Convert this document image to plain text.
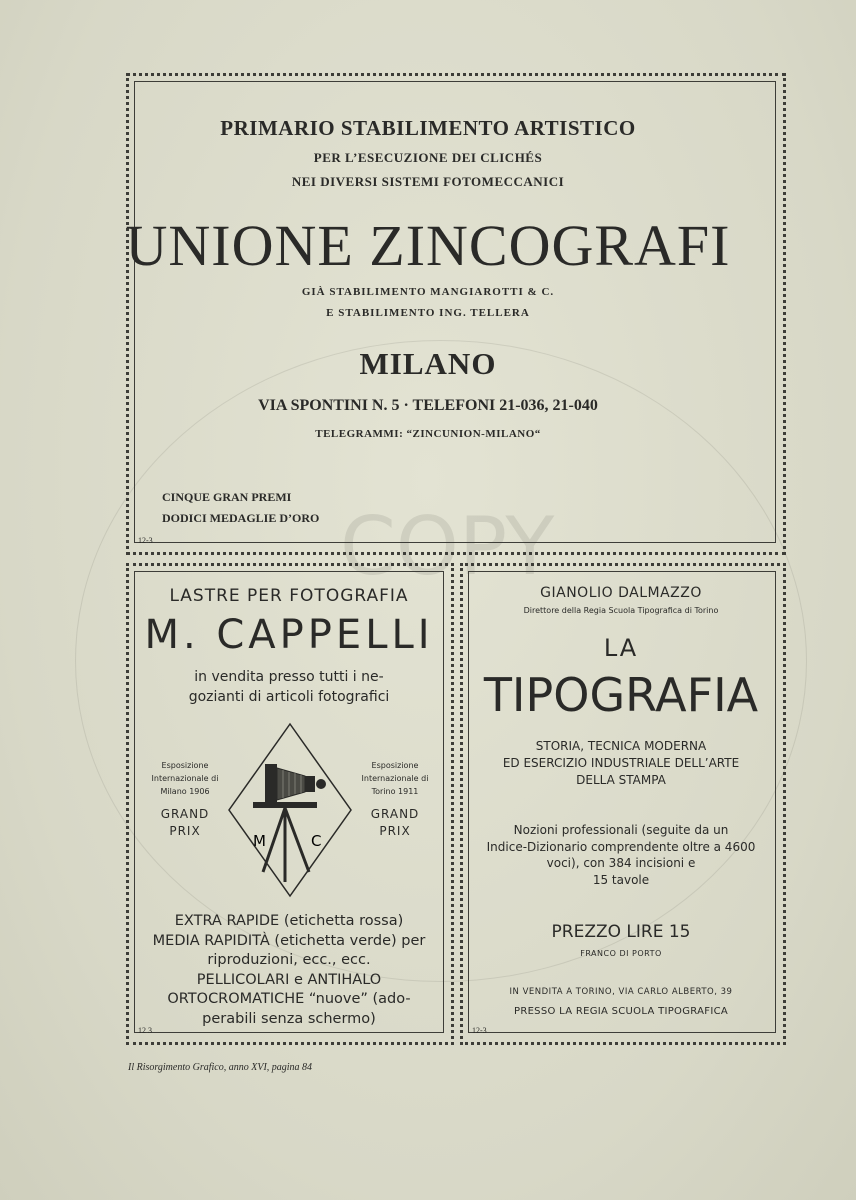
COPY
PRIMARIO STABILIMENTO ARTISTICO
PER L’ESECUZIONE DEI CLICHÉS
NEI DIVERSI SISTEMI FOTOMECCANICI
UNIONE ZINCOGRAFI
GIÀ STABILIMENTO MANGIAROTTI & C.
E STABILIMENTO ING. TELLERA
MILANO
VIA SPONTINI N. 5 · TELEFONI 21-036, 21-040
TELEGRAMMI: “ZINCUNION-MILANO“
CINQUE GRAN PREMI
DODICI MEDAGLIE D’ORO
12-3
LASTRE PER FOTOGRAFIA
M. CAPPELLI
in vendita presso tutti i ne-
gozianti di articoli fotografici
Esposizione
Internazionale di
Milano 1906
Esposizione
Internazionale di
Torino 1911
GRAND
PRIX
GRAND
PRIX
M	C
EXTRA RAPIDE (etichetta rossa)
MEDIA RAPIDITÀ (etichetta verde) per
riproduzioni, ecc., ecc.
PELLICOLARI e ANTIHALO
ORTOCROMATICHE “nuove” (ado-
perabili senza schermo)
12 3
GIANOLIO DALMAZZO
Direttore della Regia Scuola Tipografica di Torino
LA
TIPOGRAFIA
STORIA, TECNICA MODERNA
ED ESERCIZIO INDUSTRIALE DELL’ARTE
DELLA STAMPA
Nozioni professionali (seguite da un
Indice-Dizionario comprendente oltre a 4600
voci), con 384 incisioni e
15 tavole
PREZZO LIRE 15
FRANCO DI PORTO
IN VENDITA A TORINO, VIA CARLO ALBERTO, 39
PRESSO LA REGIA SCUOLA TIPOGRAFICA
12-3
Il Risorgimento Grafico, anno XVI, pagina 84
